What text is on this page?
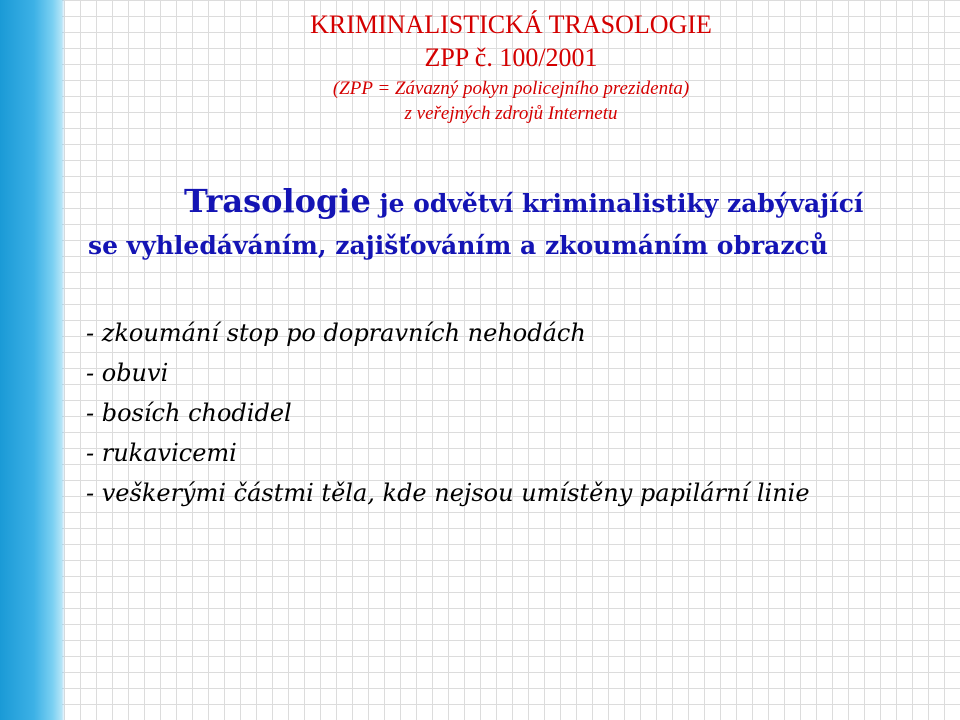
KRIMINALISTICKÁ TRASOLOGIE
ZPP č. 100/2001
(ZPP = Závazný pokyn policejního prezidenta)
z veřejných zdrojů Internetu
Trasologie je odvětví kriminalistiky zabývající
se vyhledáváním, zajišťováním a zkoumáním obrazců
- zkoumání stop po dopravních nehodách
- obuvi
- bosích chodidel
- rukavicemi
- veškerými částmi těla, kde nejsou umístěny papilární linie
